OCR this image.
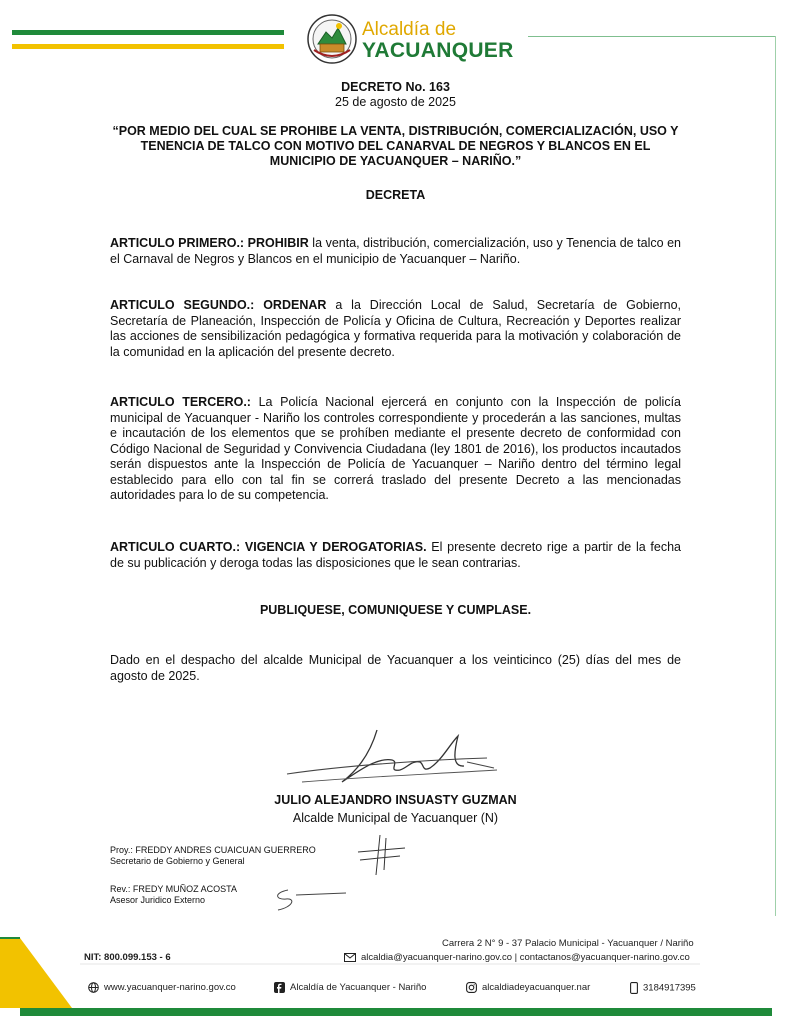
Alcaldía de
YACUANQUER
DECRETO No. 163
25 de agosto de 2025
“POR MEDIO DEL CUAL SE PROHIBE LA VENTA, DISTRIBUCIÓN, COMERCIALIZACIÓN, USO Y TENENCIA DE TALCO CON MOTIVO DEL CANARVAL DE NEGROS Y BLANCOS EN EL MUNICIPIO DE YACUANQUER – NARIÑO.”
DECRETA
ARTICULO PRIMERO.: PROHIBIR la venta, distribución, comercialización, uso y Tenencia de talco en el Carnaval de Negros y Blancos en el municipio de Yacuanquer – Nariño.
ARTICULO SEGUNDO.: ORDENAR a la Dirección Local de Salud, Secretaría de Gobierno, Secretaría de Planeación, Inspección de Policía y Oficina de Cultura, Recreación y Deportes realizar las acciones de sensibilización pedagógica y formativa requerida para la motivación y colaboración de la comunidad en la aplicación del presente decreto.
ARTICULO TERCERO.: La Policía Nacional ejercerá en conjunto con la Inspección de policía municipal de Yacuanquer - Nariño los controles correspondiente y procederán a las sanciones, multas e incautación de los elementos que se prohíben mediante el presente decreto de conformidad con Código Nacional de Seguridad y Convivencia Ciudadana (ley 1801 de 2016), los productos incautados serán dispuestos ante la Inspección de Policía de Yacuanquer – Nariño dentro del término legal establecido para ello con tal fin se correrá traslado del presente Decreto a las mencionadas autoridades para lo de su competencia.
ARTICULO CUARTO.: VIGENCIA Y DEROGATORIAS. El presente decreto rige a partir de la fecha de su publicación y deroga todas las disposiciones que le sean contrarias.
PUBLIQUESE, COMUNIQUESE Y CUMPLASE.
Dado en el despacho del alcalde Municipal de Yacuanquer a los veinticinco (25) días del mes de agosto de 2025.
JULIO ALEJANDRO INSUASTY GUZMAN
Alcalde Municipal de Yacuanquer (N)
Proy.: FREDDY ANDRES CUAICUAN GUERRERO
Secretario de Gobierno y General
Rev.: FREDY MUÑOZ ACOSTA
Asesor Juridico Externo
Carrera 2 N° 9 - 37 Palacio Municipal - Yacuanquer / Nariño
NIT: 800.099.153 - 6	alcaldia@yacuanquer-narino.gov.co | contactanos@yacuanquer-narino.gov.co
www.yacuanquer-narino.gov.co	Alcaldía de Yacuanquer - Nariño	alcaldiadeyacuanquer.nar	3184917395
